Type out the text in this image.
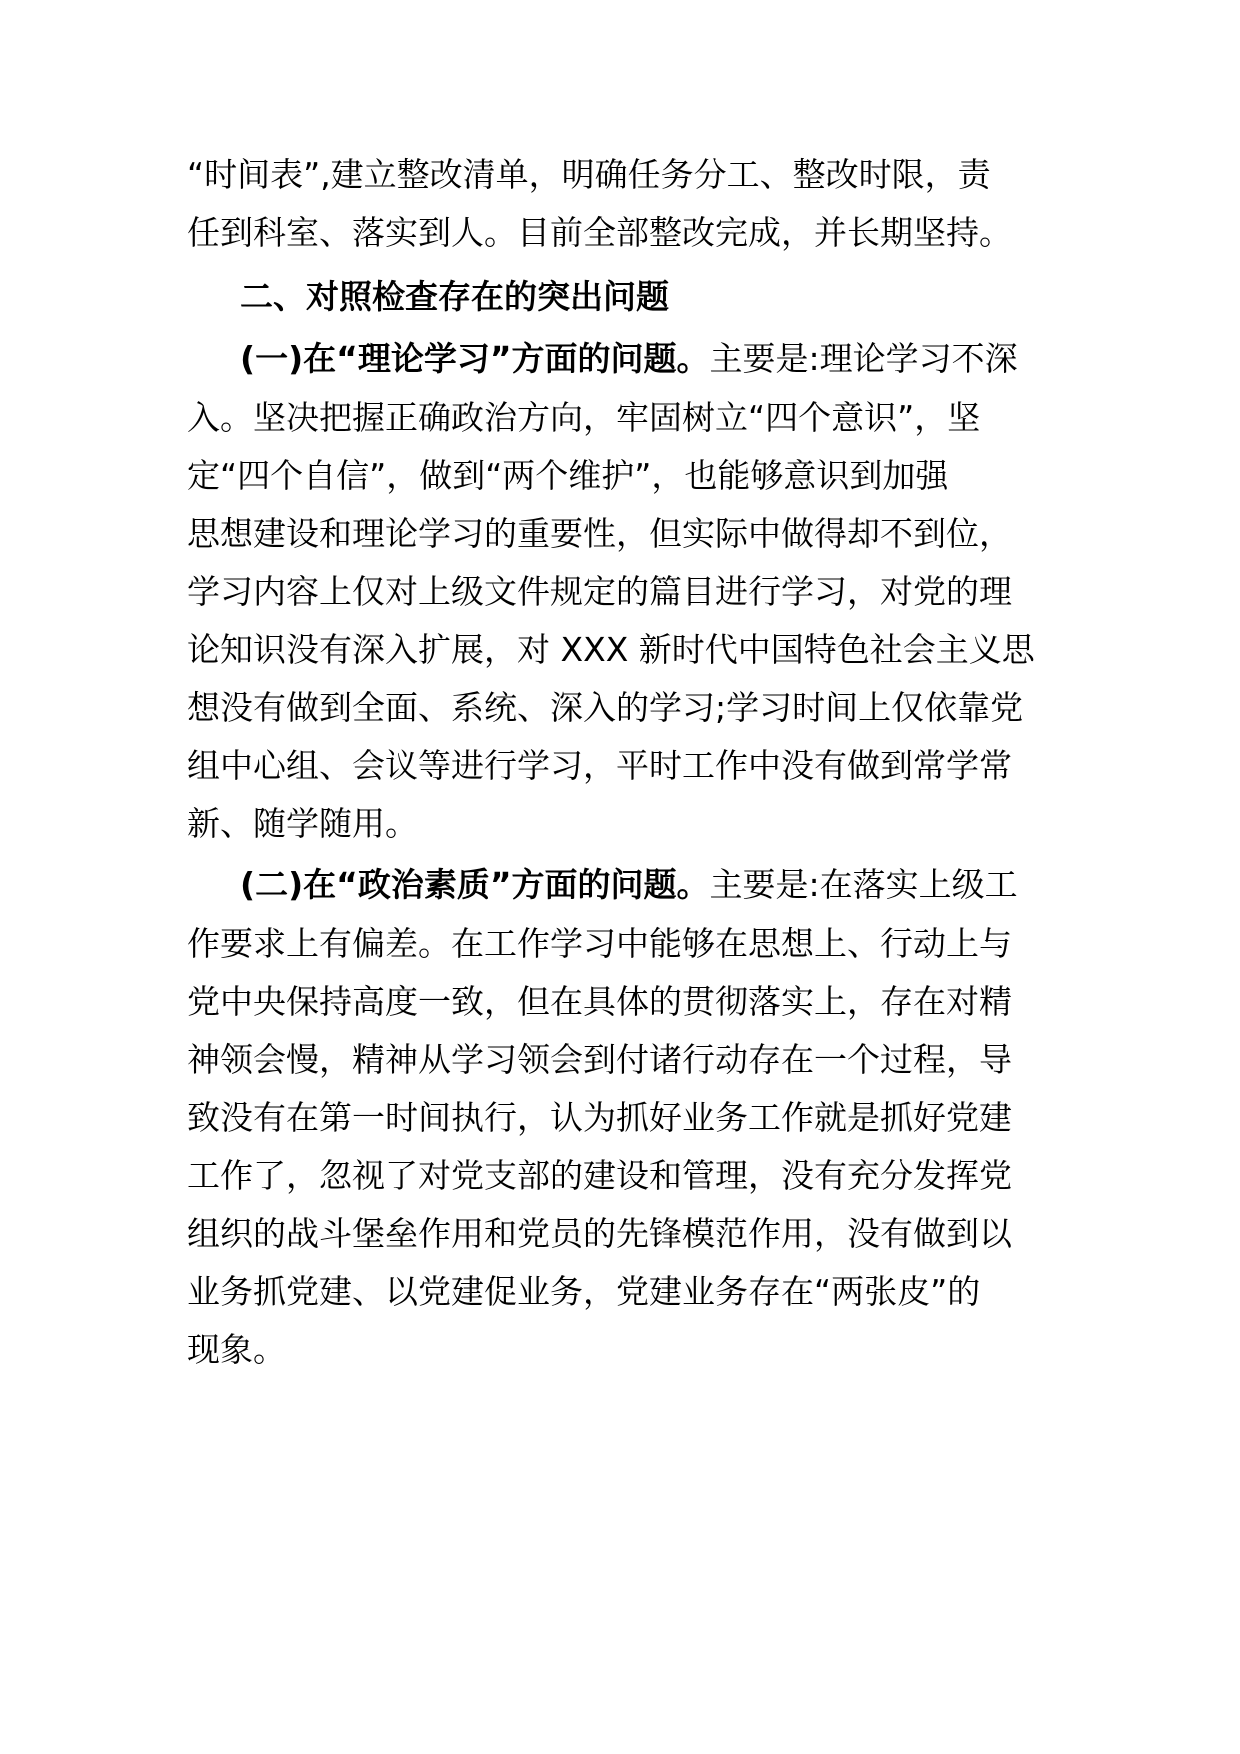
“时间表”,建立整改清单，明确任务分工、整改时限，责

任到科室、落实到人。目前全部整改完成，并长期坚持。

二、对照检查存在的突出问题

(一)在“理论学习”方面的问题。主要是:理论学习不深

入。坚决把握正确政治方向，牢固树立“四个意识”，坚

定“四个自信”，做到“两个维护”，也能够意识到加强

思想建设和理论学习的重要性，但实际中做得却不到位，

学习内容上仅对上级文件规定的篇目进行学习，对党的理

论知识没有深入扩展，对 XXX 新时代中国特色社会主义思

想没有做到全面、系统、深入的学习;学习时间上仅依靠党

组中心组、会议等进行学习，平时工作中没有做到常学常

新、随学随用。

(二)在“政治素质”方面的问题。主要是:在落实上级工

作要求上有偏差。在工作学习中能够在思想上、行动上与

党中央保持高度一致，但在具体的贯彻落实上，存在对精

神领会慢，精神从学习领会到付诸行动存在一个过程，导

致没有在第一时间执行，认为抓好业务工作就是抓好党建

工作了，忽视了对党支部的建设和管理，没有充分发挥党

组织的战斗堡垒作用和党员的先锋模范作用，没有做到以

业务抓党建、以党建促业务，党建业务存在“两张皮”的

现象。
